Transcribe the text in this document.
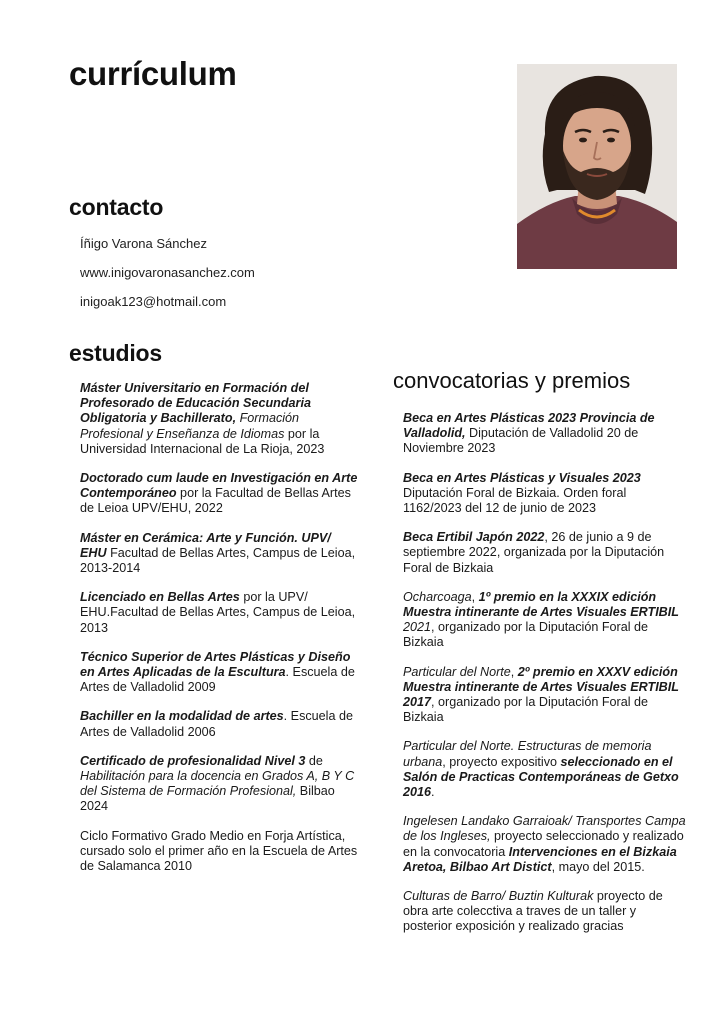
currículum
contacto
Íñigo Varona Sánchez
www.inigovaronasanchez.com
inigoak123@hotmail.com
estudios
convocatorias y premios
Máster Universitario en Formación del Profesorado de Educación Secundaria Obligatoria y Bachillerato, Formación Profesional y Enseñanza de Idiomas por la Universidad Internacional de La Rioja, 2023
Doctorado cum laude en Investigación en Arte Contemporáneo por la Facultad de Bellas Artes de Leioa UPV/EHU, 2022
Máster en Cerámica: Arte y Función. UPV/ EHU Facultad de Bellas Artes, Campus de Leioa, 2013-2014
Licenciado en Bellas Artes por la UPV/ EHU.Facultad de Bellas Artes, Campus de Leioa, 2013
Técnico Superior de Artes Plásticas y Diseño en Artes Aplicadas de la Escultura. Escuela de Artes de Valladolid 2009
Bachiller en la modalidad de artes. Escuela de Artes de Valladolid 2006
Certificado de profesionalidad Nivel 3 de Habilitación para la docencia en Grados A, B Y C del Sistema de Formación Profesional, Bilbao 2024
Ciclo Formativo Grado Medio en Forja Artística, cursado solo el primer año en la Escuela de Artes de Salamanca 2010
Beca en Artes Plásticas 2023 Provincia de Valladolid, Diputación de Valladolid 20 de Noviembre 2023
Beca en Artes Plásticas y Visuales 2023 Diputación Foral de Bizkaia. Orden foral 1162/2023 del 12 de junio de 2023
Beca Ertibil Japón 2022, 26 de junio a 9 de septiembre 2022, organizada por la Diputación Foral de Bizkaia
Ocharcoaga, 1º premio en la XXXIX edición Muestra intinerante de Artes Visuales ERTIBIL 2021, organizado por la Diputación Foral de Bizkaia
Particular del Norte, 2º premio en XXXV edición Muestra intinerante de Artes Visuales ERTIBIL 2017, organizado por la Diputación Foral de Bizkaia
Particular del Norte. Estructuras de memoria urbana, proyecto expositivo seleccionado en el Salón de Practicas Contemporáneas de Getxo 2016.
Ingelesen Landako Garraioak/ Transportes Campa de los Ingleses, proyecto seleccionado y realizado en la convocatoria Intervenciones en el Bizkaia Aretoa, Bilbao Art Distict, mayo del 2015.
Culturas de Barro/ Buztin Kulturak proyecto de obra arte colecctiva a traves de un taller y posterior exposición y realizado gracias
